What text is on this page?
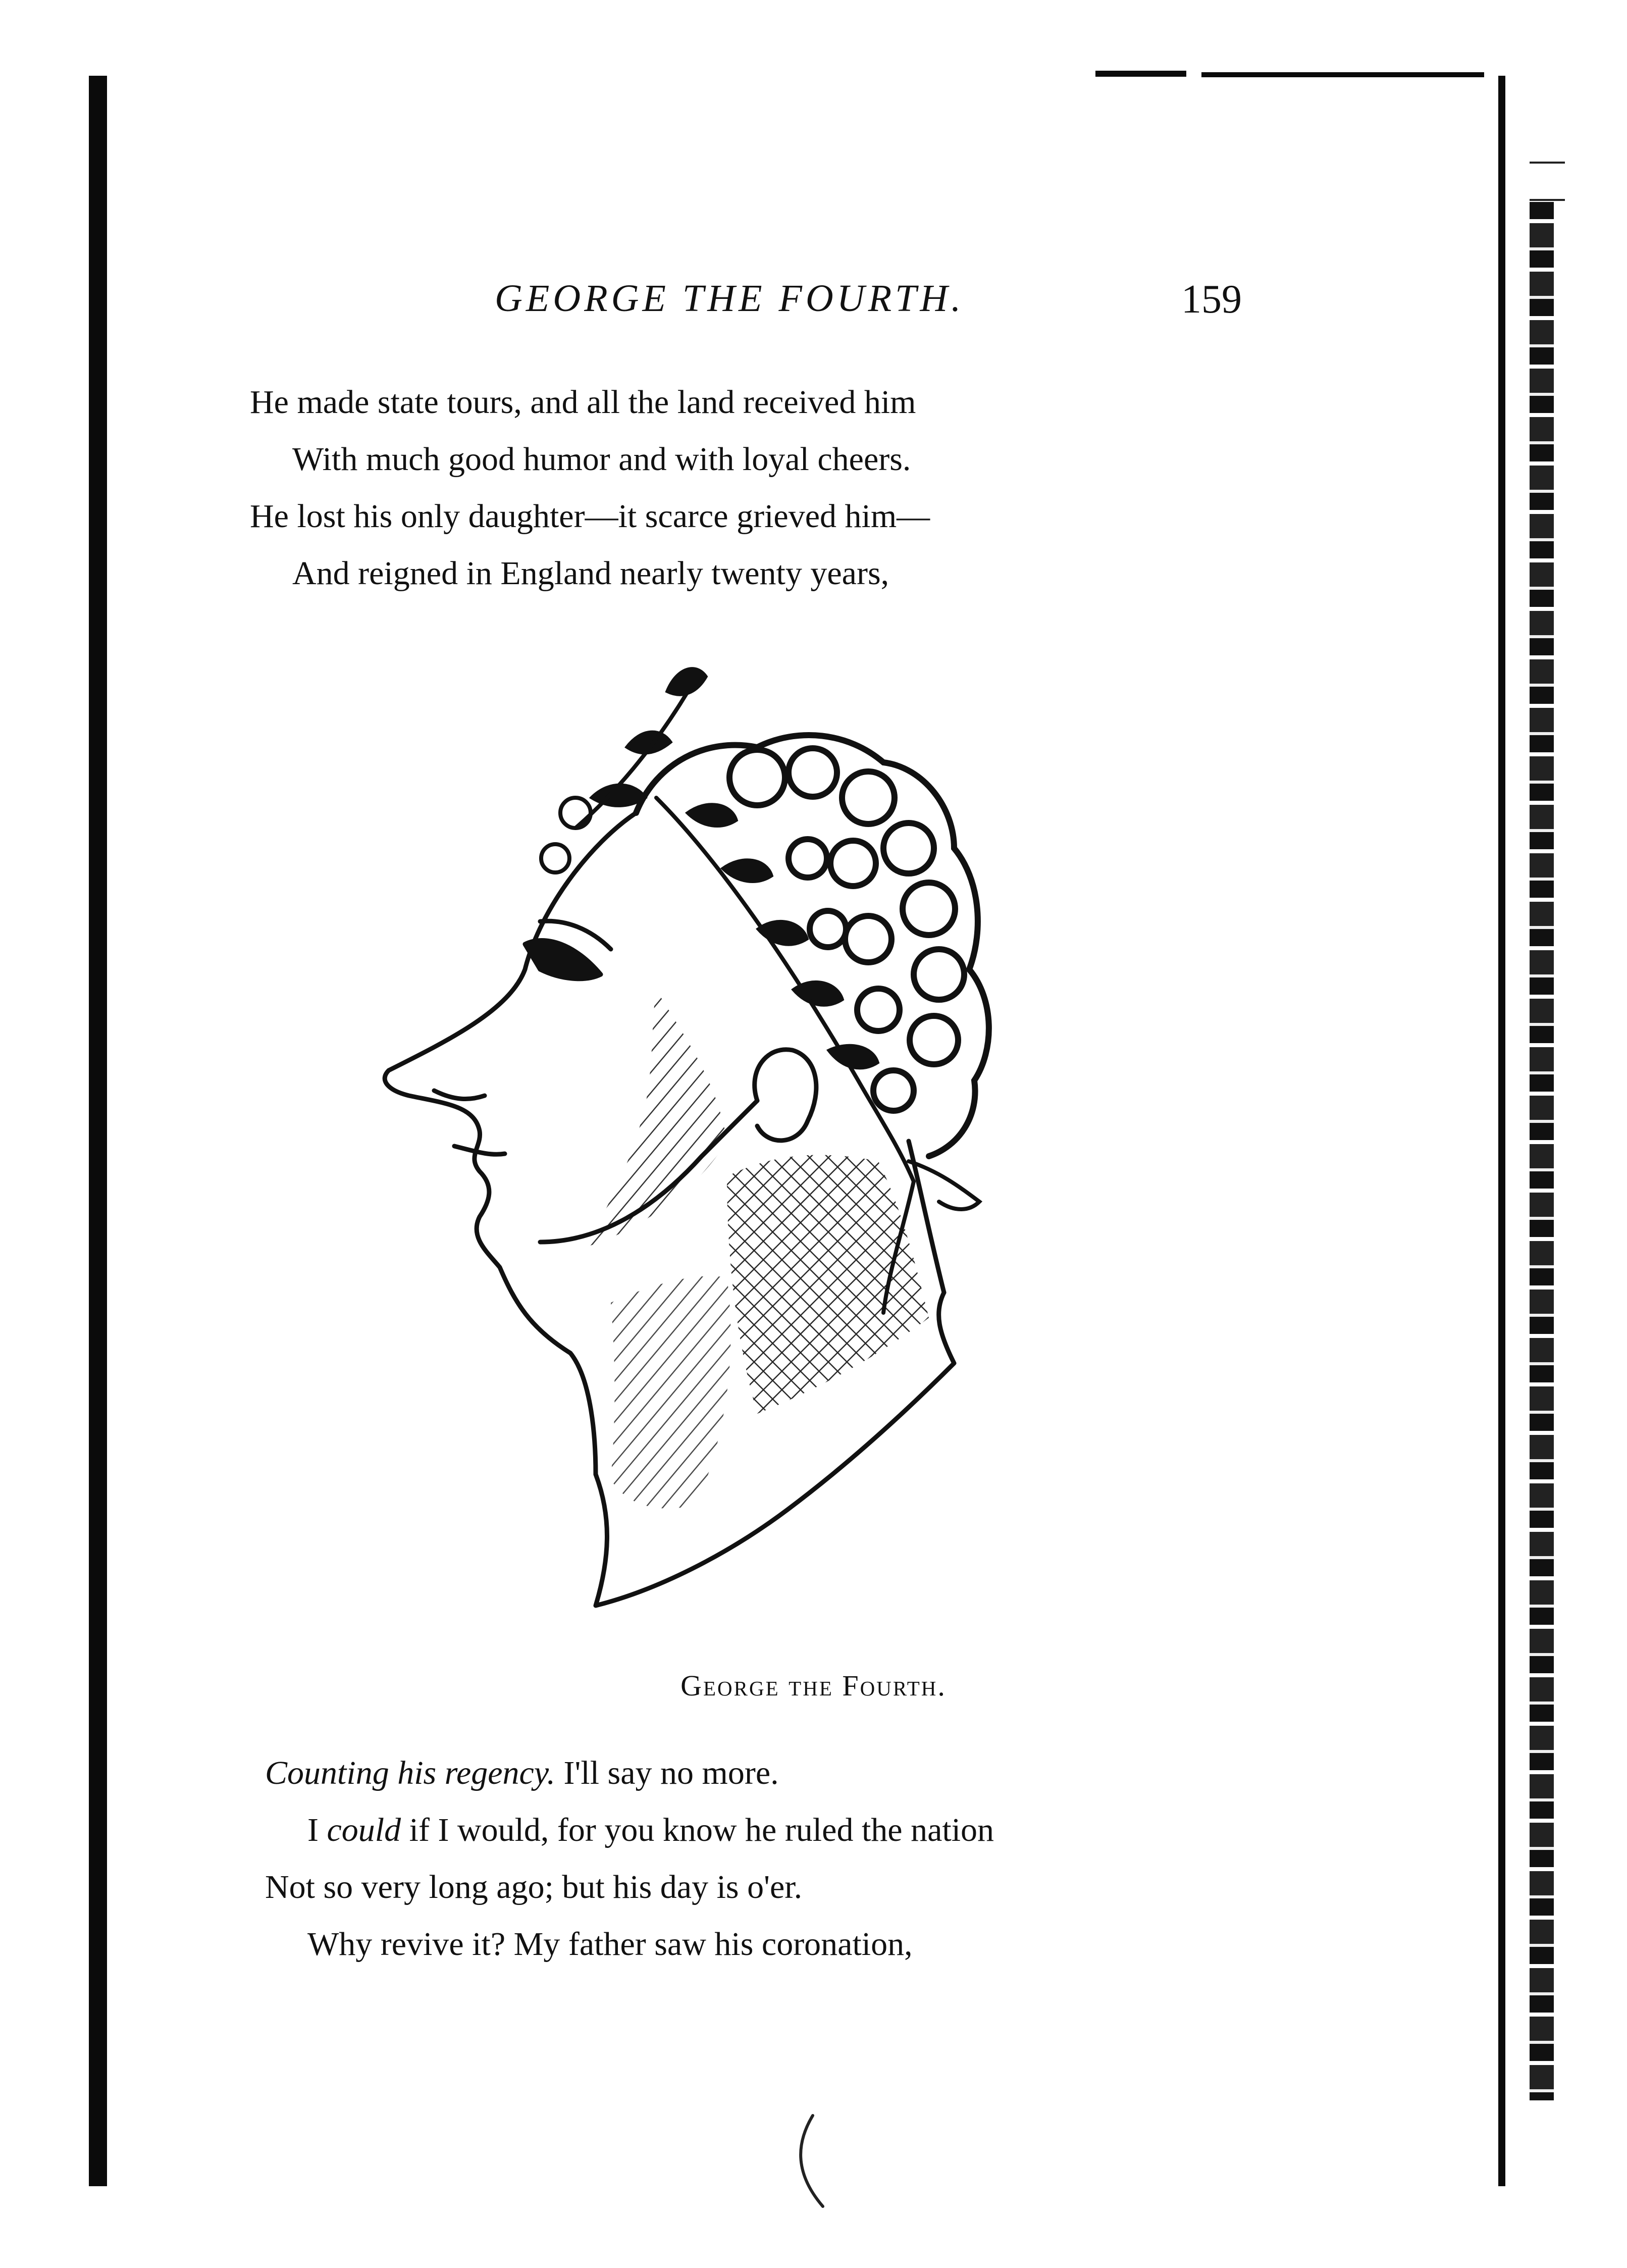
GEORGE THE FOURTH.	159
He made state tours, and all the land received him
With much good humor and with loyal cheers.
He lost his only daughter—it scarce grieved him—
And reigned in England nearly twenty years,
George the Fourth.
Counting his regency. I'll say no more.
I could if I would, for you know he ruled the nation
Not so very long ago; but his day is o'er.
Why revive it? My father saw his coronation,
